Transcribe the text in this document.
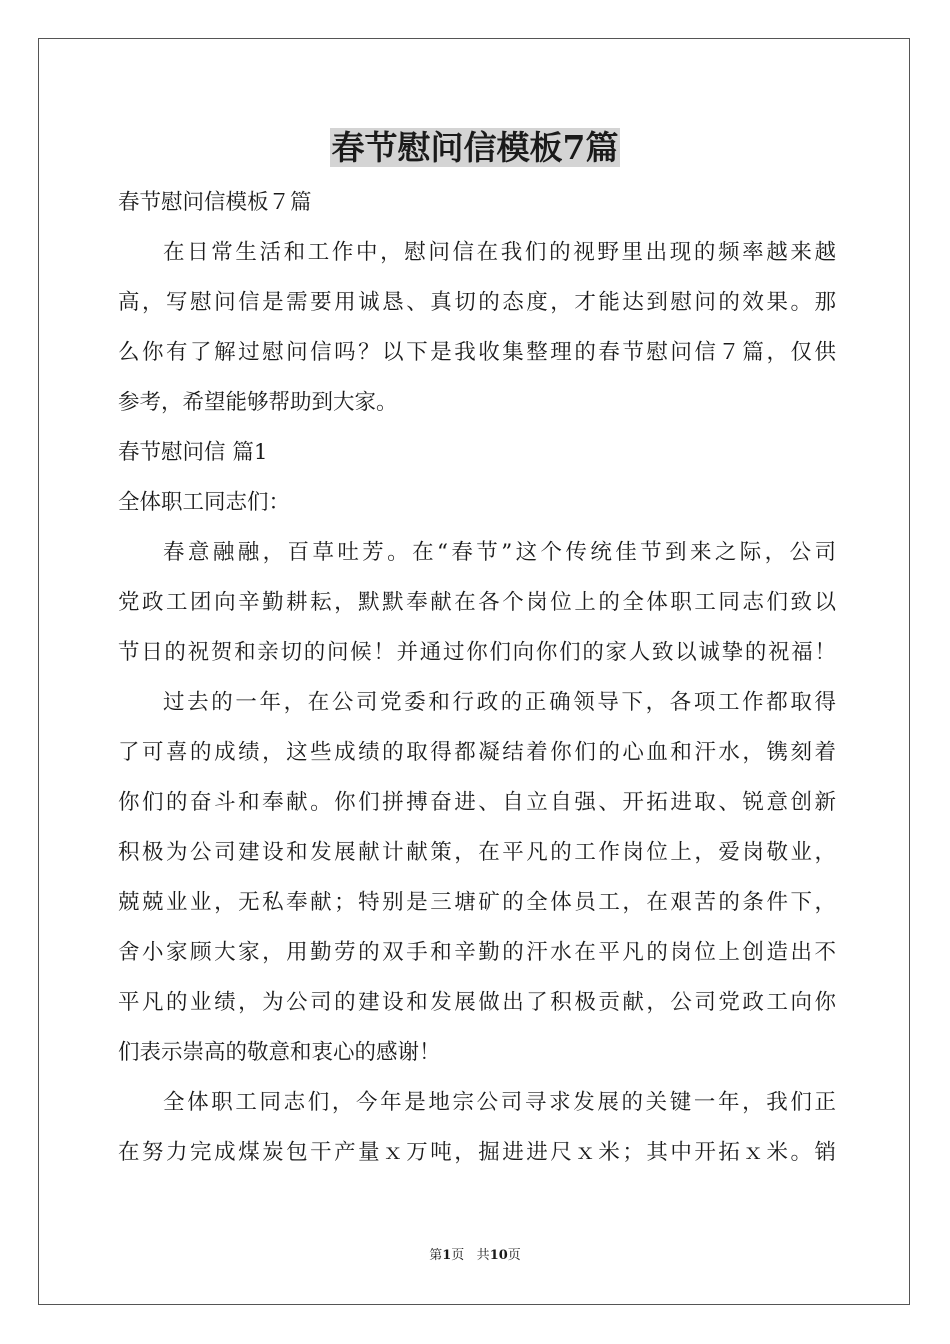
春节慰问信模板7篇
春节慰问信模板７篇
在日常生活和工作中，慰问信在我们的视野里出现的频率越来越
高，写慰问信是需要用诚恳、真切的态度，才能达到慰问的效果。那
么你有了解过慰问信吗？以下是我收集整理的春节慰问信７篇，仅供
参考，希望能够帮助到大家。
春节慰问信 篇1
全体职工同志们：
春意融融，百草吐芳。在“春节”这个传统佳节到来之际，公司
党政工团向辛勤耕耘，默默奉献在各个岗位上的全体职工同志们致以
节日的祝贺和亲切的问候！并通过你们向你们的家人致以诚挚的祝福！
过去的一年，在公司党委和行政的正确领导下，各项工作都取得
了可喜的成绩，这些成绩的取得都凝结着你们的心血和汗水，镌刻着
你们的奋斗和奉献。你们拼搏奋进、自立自强、开拓进取、锐意创新
积极为公司建设和发展献计献策，在平凡的工作岗位上，爱岗敬业，
兢兢业业，无私奉献；特别是三塘矿的全体员工，在艰苦的条件下，
舍小家顾大家，用勤劳的双手和辛勤的汗水在平凡的岗位上创造出不
平凡的业绩，为公司的建设和发展做出了积极贡献，公司党政工向你
们表示崇高的敬意和衷心的感谢！
全体职工同志们，今年是地宗公司寻求发展的关键一年，我们正
在努力完成煤炭包干产量ｘ万吨，掘进进尺ｘ米；其中开拓ｘ米。销
第1页 共10页
